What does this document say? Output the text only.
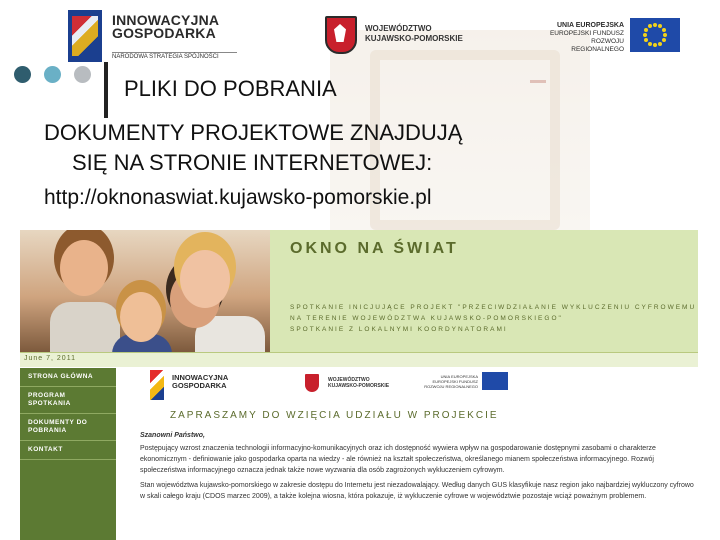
INNOWACYJNA
GOSPODARKA
NARODOWA STRATEGIA SPÓJNOŚCI
WOJEWÓDZTWO
KUJAWSKO-POMORSKIE
UNIA EUROPEJSKA
EUROPEJSKI FUNDUSZ
ROZWOJU REGIONALNEGO
PLIKI DO POBRANIA
DOKUMENTY PROJEKTOWE ZNAJDUJĄ
SIĘ NA STRONIE INTERNETOWEJ:
http://oknonaswiat.kujawsko-pomorskie.pl
OKNO NA ŚWIAT
SPOTKANIE INICJUJĄCE PROJEKT "PRZECIWDZIAŁANIE WYKLUCZENIU CYFROWEMU
NA TERENIE WOJEWÓDZTWA KUJAWSKO-POMORSKIEGO"
SPOTKANIE Z LOKALNYMI KOORDYNATORAMI
June 7, 2011
STRONA GŁÓWNA
PROGRAM SPOTKANIA
DOKUMENTY DO POBRANIA
KONTAKT
INNOWACYJNA
GOSPODARKA
WOJEWÓDZTWO
KUJAWSKO-POMORSKIE
UNIA EUROPEJSKA
EUROPEJSKI FUNDUSZ
ROZWOJU REGIONALNEGO
ZAPRASZAMY DO WZIĘCIA UDZIAŁU W PROJEKCIE
Szanowni Państwo,

Postępujący wzrost znaczenia technologii informacyjno-komunikacyjnych oraz ich dostępność wywiera wpływ na gospodarowanie dostępnymi zasobami o charakterze ekonomicznym - definiowanie jako gospodarka oparta na wiedzy - ale również na kształt społeczeństwa, określanego mianem społeczeństwa informacyjnego. Rozwój społeczeństwa informacyjnego oznacza jednak także nowe wyzwania dla osób zagrożonych wykluczeniem cyfrowym.

Stan województwa kujawsko-pomorskiego w zakresie dostępu do Internetu jest niezadowalający. Według danych GUS klasyfikuje nasz region jako najbardziej wykluczony cyfrowo w skali całego kraju (CDOS marzec 2009), a także kolejna wiosna, która pokazuje, iż wykluczenie cyfrowe w województwie pozostaje wciąż poważnym problemem.
